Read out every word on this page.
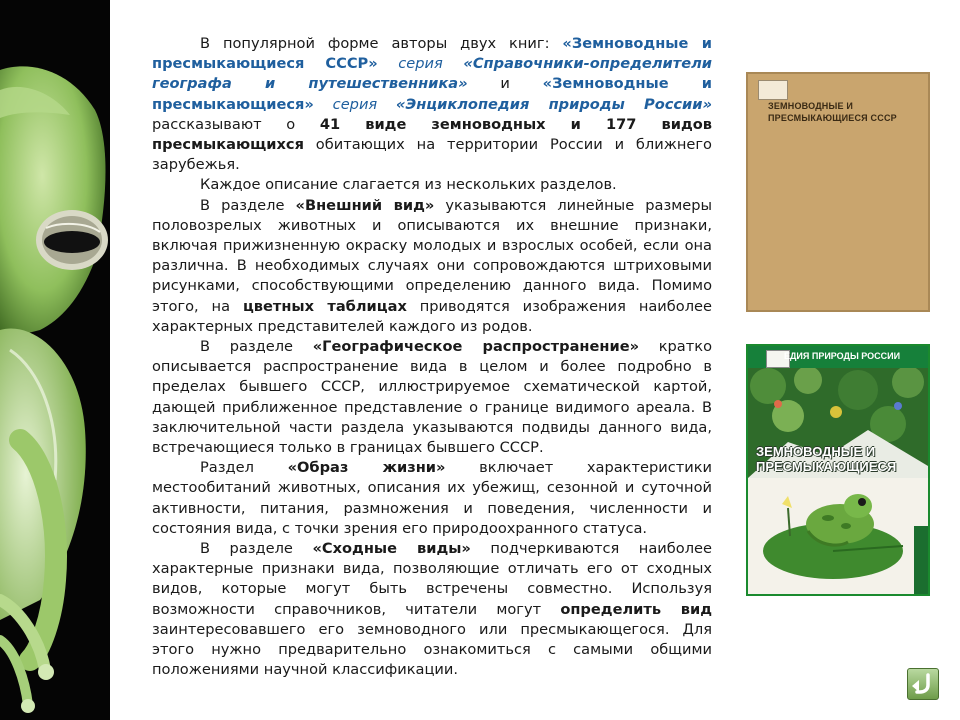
В популярной форме авторы двух книг: «Земноводные и пресмыкающиеся СССР» серия «Справочники-определители географа и путешественника» и «Земноводные и пресмыкающиеся» серия «Энциклопедия природы России» рассказывают о 41 виде земноводных и 177 видов пресмыкающихся обитающих на территории России и ближнего зарубежья.

Каждое описание слагается из нескольких разделов.

В разделе «Внешний вид» указываются линейные размеры половозрелых животных и описываются их внешние признаки, включая прижизненную окраску молодых и взрослых особей, если она различна. В необходимых случаях они сопровождаются штриховыми рисунками, способствующими определению данного вида. Помимо этого, на цветных таблицах приводятся изображения наиболее характерных представителей каждого из родов.

В разделе «Географическое распространение» кратко описывается распространение вида в целом и более подробно в пределах бывшего СССР, иллюстрируемое схематической картой, дающей приближенное представление о границе видимого ареала. В заключительной части раздела указываются подвиды данного вида, встречающиеся только в границах бывшего СССР.

Раздел «Образ жизни» включает характеристики местообитаний животных, описания их убежищ, сезонной и суточной активности, питания, размножения и поведения, численности и состояния вида, с точки зрения его природоохранного статуса.

В разделе «Сходные виды» подчеркиваются наиболее характерные признаки вида, позволяющие отличать его от сходных видов, которые могут быть встречены совместно. Используя возможности справочников, читатели могут определить вид заинтересовавшего его земноводного или пресмыкающегося. Для этого нужно предварительно ознакомиться с самыми общими положениями научной классификации.

ЗЕМНОВОДНЫЕ И ПРЕСМЫКАЮЩИЕСЯ СССР
ЕДИЯ ПРИРОДЫ РОССИИ
ЗЕМНОВОДНЫЕ И ПРЕСМЫКАЮЩИЕСЯ
